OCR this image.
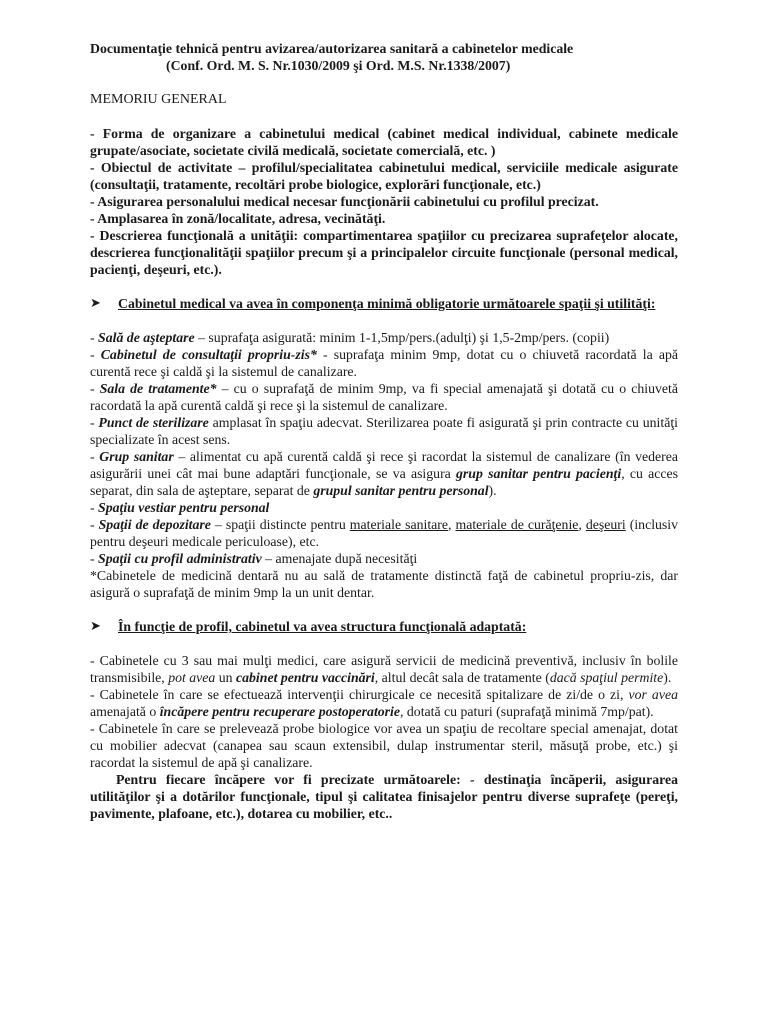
Documentaţie tehnică pentru avizarea/autorizarea sanitară a cabinetelor medicale

(Conf. Ord. M. S. Nr.1030/2009 şi Ord. M.S. Nr.1338/2007)

MEMORIU GENERAL

- Forma de organizare a cabinetului medical (cabinet medical individual, cabinete medicale grupate/asociate, societate civilă medicală, societate comercială, etc. )

- Obiectul de activitate – profilul/specialitatea cabinetului medical, serviciile medicale asigurate (consultaţii, tratamente, recoltări probe biologice, explorări funcţionale, etc.)

- Asigurarea personalului medical necesar funcţionării cabinetului cu profilul precizat.

- Amplasarea în zonă/localitate, adresa, vecinătăţi.

- Descrierea funcţională a unităţii: compartimentarea spaţiilor cu precizarea suprafeţelor alocate, descrierea funcţionalităţii spaţiilor precum şi a principalelor circuite funcţionale (personal medical, pacienţi, deşeuri, etc.).

➤ Cabinetul medical va avea în componenţa minimă obligatorie următoarele spaţii şi utilităţi:

- Sală de aşteptare – suprafaţa asigurată: minim 1-1,5mp/pers.(adulţi) şi 1,5-2mp/pers. (copii)

- Cabinetul de consultaţii propriu-zis* - suprafaţa minim 9mp, dotat cu o chiuvetă racordată la apă curentă rece şi caldă şi la sistemul de canalizare.

- Sala de tratamente* – cu o suprafaţă de minim 9mp, va fi special amenajată şi dotată cu o chiuvetă racordată la apă curentă caldă şi rece şi la sistemul de canalizare.

- Punct de sterilizare amplasat în spaţiu adecvat. Sterilizarea poate fi asigurată şi prin contracte cu unităţi specializate în acest sens.

- Grup sanitar – alimentat cu apă curentă caldă şi rece şi racordat la sistemul de canalizare (în vederea asigurării unei cât mai bune adaptări funcţionale, se va asigura grup sanitar pentru pacienţi, cu acces separat, din sala de aşteptare, separat de grupul sanitar pentru personal).

- Spaţiu vestiar pentru personal

- Spaţii de depozitare – spaţii distincte pentru materiale sanitare, materiale de curăţenie, deşeuri (inclusiv pentru deşeuri medicale periculoase), etc.

- Spaţii cu profil administrativ – amenajate după necesităţi

*Cabinetele de medicină dentară nu au sală de tratamente distinctă faţă de cabinetul propriu-zis, dar asigură o suprafaţă de minim 9mp la un unit dentar.

➤ În funcţie de profil, cabinetul va avea structura funcţională adaptată:

- Cabinetele cu 3 sau mai mulţi medici, care asigură servicii de medicină preventivă, inclusiv în bolile transmisibile, pot avea un cabinet pentru vaccinări, altul decât sala de tratamente (dacă spaţiul permite).

- Cabinetele în care se efectuează intervenţii chirurgicale ce necesită spitalizare de zi/de o zi, vor avea amenajată o încăpere pentru recuperare postoperatorie, dotată cu paturi (suprafaţă minimă 7mp/pat).

- Cabinetele în care se prelevează probe biologice vor avea un spaţiu de recoltare special amenajat, dotat cu mobilier adecvat (canapea sau scaun extensibil, dulap instrumentar steril, măsuţă probe, etc.) şi racordat la sistemul de apă şi canalizare.

Pentru fiecare încăpere vor fi precizate următoarele: - destinaţia încăperii, asigurarea utilităţilor şi a dotărilor funcţionale, tipul şi calitatea finisajelor pentru diverse suprafeţe (pereţi, pavimente, plafoane, etc.), dotarea cu mobilier, etc..
